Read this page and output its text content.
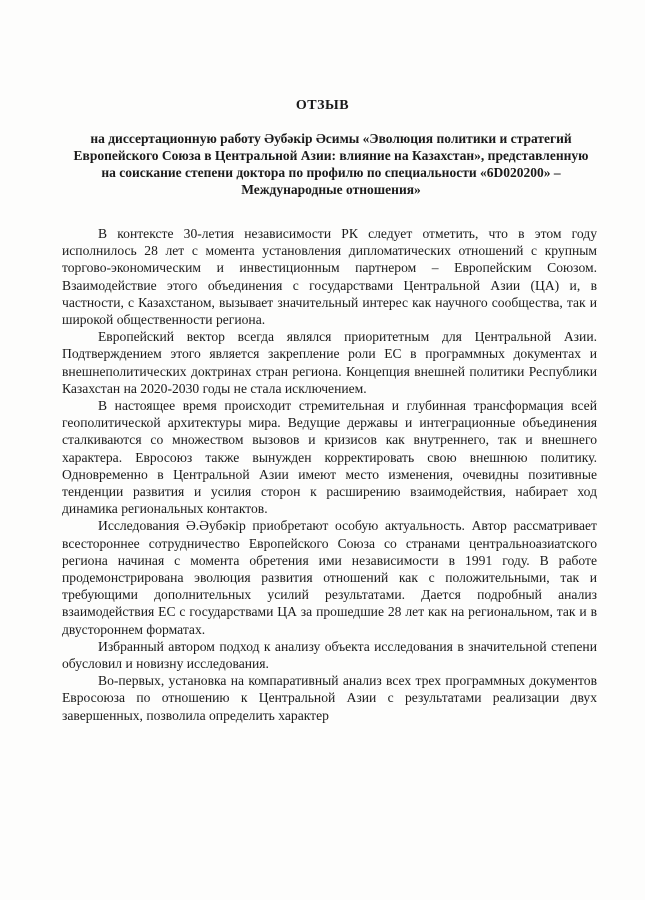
ОТЗЫВ
на диссертационную работу Әубәкір Әсимы «Эволюция политики и стратегий Европейского Союза в Центральной Азии: влияние на Казахстан», представленную на соискание степени доктора по профилю по специальности «6D020200» – Международные отношения»

В контексте 30-летия независимости РК следует отметить, что в этом году исполнилось 28 лет с момента установления дипломатических отношений с крупным торгово-экономическим и инвестиционным партнером – Европейским Союзом. Взаимодействие этого объединения с государствами Центральной Азии (ЦА) и, в частности, с Казахстаном, вызывает значительный интерес как научного сообщества, так и широкой общественности региона.

Европейский вектор всегда являлся приоритетным для Центральной Азии. Подтверждением этого является закрепление роли ЕС в программных документах и внешнеполитических доктринах стран региона. Концепция внешней политики Республики Казахстан на 2020-2030 годы не стала исключением.

В настоящее время происходит стремительная и глубинная трансформация всей геополитической архитектуры мира. Ведущие державы и интеграционные объединения сталкиваются со множеством вызовов и кризисов как внутреннего, так и внешнего характера. Евросоюз также вынужден корректировать свою внешнюю политику. Одновременно в Центральной Азии имеют место изменения, очевидны позитивные тенденции развития и усилия сторон к расширению взаимодействия, набирает ход динамика региональных контактов.

Исследования Ә.Әубәкір приобретают особую актуальность. Автор рассматривает всестороннее сотрудничество Европейского Союза со странами центральноазиатского региона начиная с момента обретения ими независимости в 1991 году. В работе продемонстрирована эволюция развития отношений как с положительными, так и требующими дополнительных усилий результатами. Дается подробный анализ взаимодействия ЕС с государствами ЦА за прошедшие 28 лет как на региональном, так и в двустороннем форматах.

Избранный автором подход к анализу объекта исследования в значительной степени обусловил и новизну исследования.

Во-первых, установка на компаративный анализ всех трех программных документов Евросоюза по отношению к Центральной Азии с результатами реализации двух завершенных, позволила определить характер
